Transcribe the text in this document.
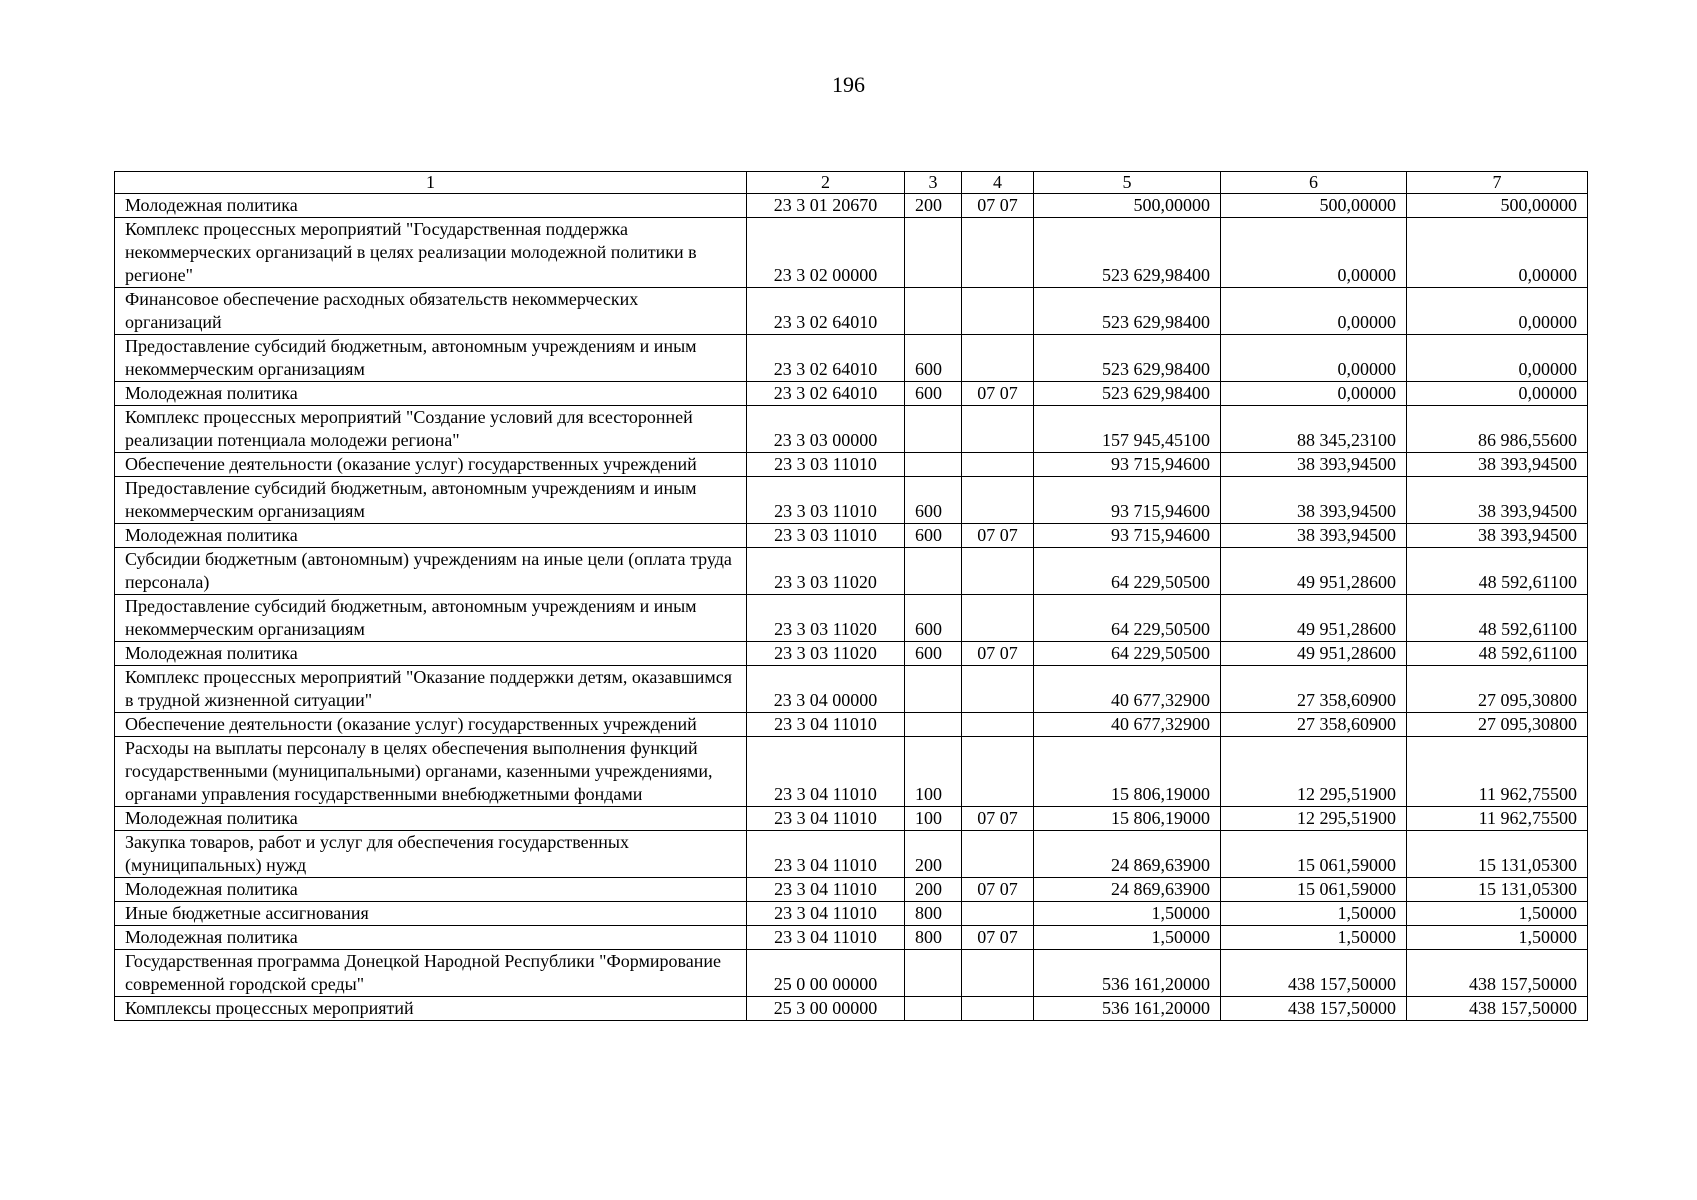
196
1	2	3	4	5	6	7
Молодежная политика	23 3 01 20670	200	07 07	500,00000	500,00000	500,00000
Комплекс процессных мероприятий "Государственная поддержка некоммерческих организаций в целях реализации молодежной политики в регионе"	23 3 02 00000			523 629,98400	0,00000	0,00000
Финансовое обеспечение расходных обязательств некоммерческих организаций	23 3 02 64010			523 629,98400	0,00000	0,00000
Предоставление субсидий бюджетным, автономным учреждениям и иным некоммерческим организациям	23 3 02 64010	600		523 629,98400	0,00000	0,00000
Молодежная политика	23 3 02 64010	600	07 07	523 629,98400	0,00000	0,00000
Комплекс процессных мероприятий "Создание условий для всесторонней реализации потенциала молодежи региона"	23 3 03 00000			157 945,45100	88 345,23100	86 986,55600
Обеспечение деятельности (оказание услуг) государственных учреждений	23 3 03 11010			93 715,94600	38 393,94500	38 393,94500
Предоставление субсидий бюджетным, автономным учреждениям и иным некоммерческим организациям	23 3 03 11010	600		93 715,94600	38 393,94500	38 393,94500
Молодежная политика	23 3 03 11010	600	07 07	93 715,94600	38 393,94500	38 393,94500
Субсидии бюджетным (автономным) учреждениям на иные цели (оплата труда персонала)	23 3 03 11020			64 229,50500	49 951,28600	48 592,61100
Предоставление субсидий бюджетным, автономным учреждениям и иным некоммерческим организациям	23 3 03 11020	600		64 229,50500	49 951,28600	48 592,61100
Молодежная политика	23 3 03 11020	600	07 07	64 229,50500	49 951,28600	48 592,61100
Комплекс процессных мероприятий "Оказание поддержки детям, оказавшимся в трудной жизненной ситуации"	23 3 04 00000			40 677,32900	27 358,60900	27 095,30800
Обеспечение деятельности (оказание услуг) государственных учреждений	23 3 04 11010			40 677,32900	27 358,60900	27 095,30800
Расходы на выплаты персоналу в целях обеспечения выполнения функций государственными (муниципальными) органами, казенными учреждениями, органами управления государственными внебюджетными фондами	23 3 04 11010	100		15 806,19000	12 295,51900	11 962,75500
Молодежная политика	23 3 04 11010	100	07 07	15 806,19000	12 295,51900	11 962,75500
Закупка товаров, работ и услуг для обеспечения государственных (муниципальных) нужд	23 3 04 11010	200		24 869,63900	15 061,59000	15 131,05300
Молодежная политика	23 3 04 11010	200	07 07	24 869,63900	15 061,59000	15 131,05300
Иные бюджетные ассигнования	23 3 04 11010	800		1,50000	1,50000	1,50000
Молодежная политика	23 3 04 11010	800	07 07	1,50000	1,50000	1,50000
Государственная программа Донецкой Народной Республики "Формирование современной городской среды"	25 0 00 00000			536 161,20000	438 157,50000	438 157,50000
Комплексы процессных мероприятий	25 3 00 00000			536 161,20000	438 157,50000	438 157,50000
